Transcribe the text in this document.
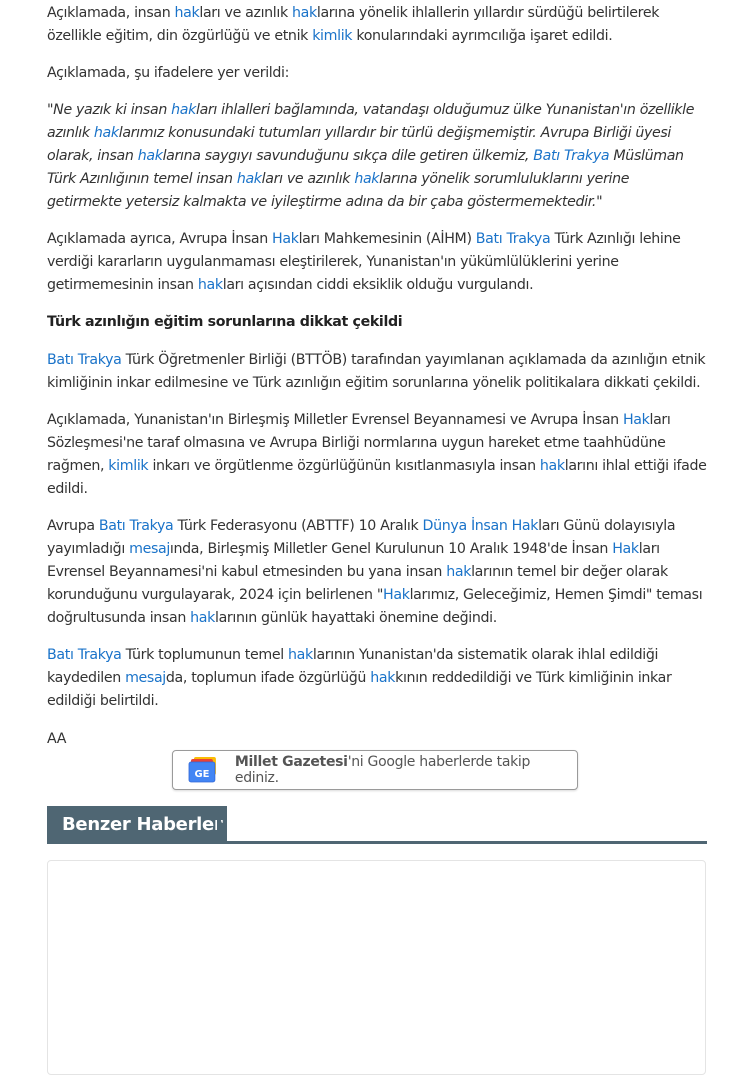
Açıklamada, insan hakları ve azınlık haklarına yönelik ihlallerin yıllardır sürdüğü belirtilerek özellikle eğitim, din özgürlüğü ve etnik kimlik konularındaki ayrımcılığa işaret edildi.

Açıklamada, şu ifadelere yer verildi:

"Ne yazık ki insan hakları ihlalleri bağlamında, vatandaşı olduğumuz ülke Yunanistan'ın özellikle azınlık haklarımız konusundaki tutumları yıllardır bir türlü değişmemiştir. Avrupa Birliği üyesi olarak, insan haklarına saygıyı savunduğunu sıkça dile getiren ülkemiz, Batı Trakya Müslüman Türk Azınlığının temel insan hakları ve azınlık haklarına yönelik sorumluluklarını yerine getirmekte yetersiz kalmakta ve iyileştirme adına da bir çaba göstermemektedir."

Açıklamada ayrıca, Avrupa İnsan Hakları Mahkemesinin (AİHM) Batı Trakya Türk Azınlığı lehine verdiği kararların uygulanmaması eleştirilerek, Yunanistan'ın yükümlülüklerini yerine getirmemesinin insan hakları açısından ciddi eksiklik olduğu vurgulandı.

Türk azınlığın eğitim sorunlarına dikkat çekildi

Batı Trakya Türk Öğretmenler Birliği (BTTÖB) tarafından yayımlanan açıklamada da azınlığın etnik kimliğinin inkar edilmesine ve Türk azınlığın eğitim sorunlarına yönelik politikalara dikkati çekildi.

Açıklamada, Yunanistan'ın Birleşmiş Milletler Evrensel Beyannamesi ve Avrupa İnsan Hakları Sözleşmesi'ne taraf olmasına ve Avrupa Birliği normlarına uygun hareket etme taahhüdüne rağmen, kimlik inkarı ve örgütlenme özgürlüğünün kısıtlanmasıyla insan haklarını ihlal ettiği ifade edildi.

Avrupa Batı Trakya Türk Federasyonu (ABTTF) 10 Aralık Dünya İnsan Hakları Günü dolayısıyla yayımladığı mesajında, Birleşmiş Milletler Genel Kurulunun 10 Aralık 1948'de İnsan Hakları Evrensel Beyannamesi'ni kabul etmesinden bu yana insan haklarının temel bir değer olarak korunduğunu vurgulayarak, 2024 için belirlenen "Haklarımız, Geleceğimiz, Hemen Şimdi" teması doğrultusunda insan haklarının günlük hayattaki önemine değindi.

Batı Trakya Türk toplumunun temel haklarının Yunanistan'da sistematik olarak ihlal edildiği kaydedilen mesajda, toplumun ifade özgürlüğü hakkının reddedildiği ve Türk kimliğinin inkar edildiği belirtildi.

AA

GE
Millet Gazetesi'ni Google haberlerde takip ediniz.
Benzer Haberler
